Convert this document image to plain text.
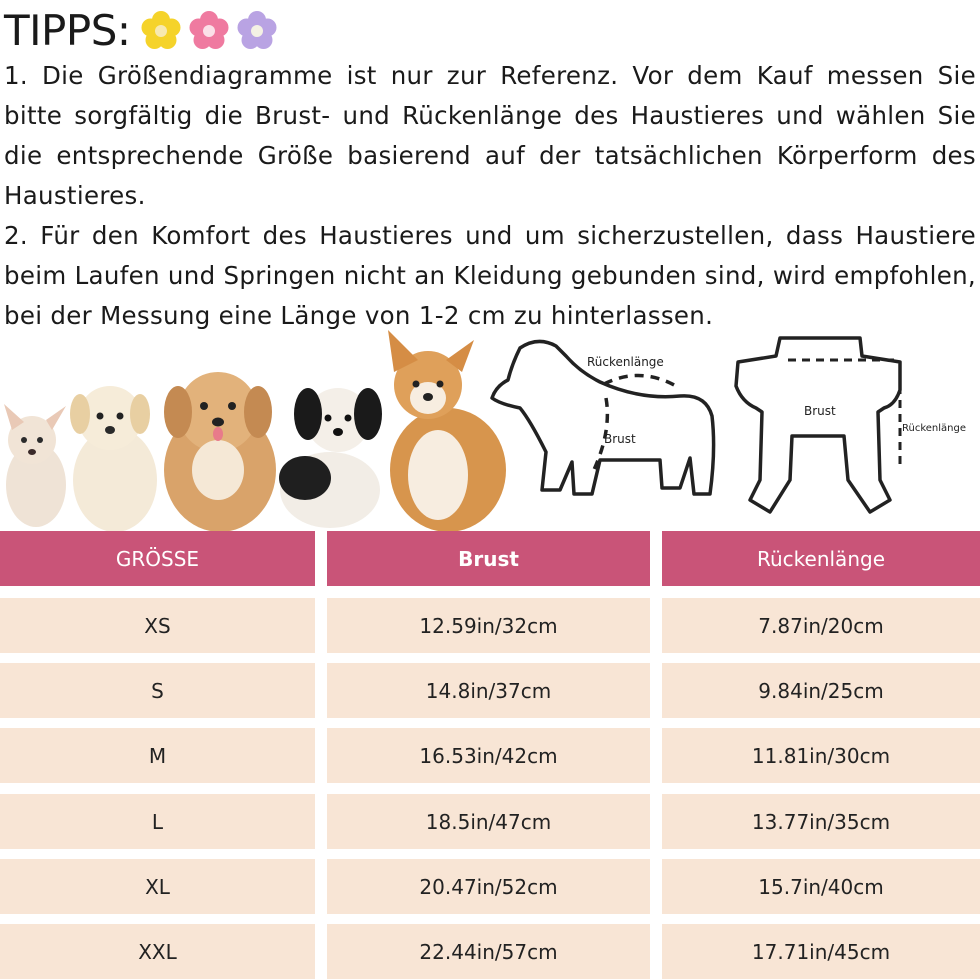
TIPPS:

1. Die Größendiagramme ist nur zur Referenz. Vor dem Kauf messen Sie bitte sorgfältig die Brust- und Rückenlänge des Haustieres und wählen Sie die entsprechende Größe basierend auf der tatsächlichen Körperform des Haustieres.

2. Für den Komfort des Haustieres und um sicherzustellen, dass Haustiere beim Laufen und Springen nicht an Kleidung gebunden sind, wird empfohlen, bei der Messung eine Länge von 1-2 cm zu hinterlassen.

Rückenlänge
Brust
Brust
Rückenlänge
GRÖSSE	Brust	Rückenlänge
XS	12.59in/32cm	7.87in/20cm
S	14.8in/37cm	9.84in/25cm
M	16.53in/42cm	11.81in/30cm
L	18.5in/47cm	13.77in/35cm
XL	20.47in/52cm	15.7in/40cm
XXL	22.44in/57cm	17.71in/45cm
